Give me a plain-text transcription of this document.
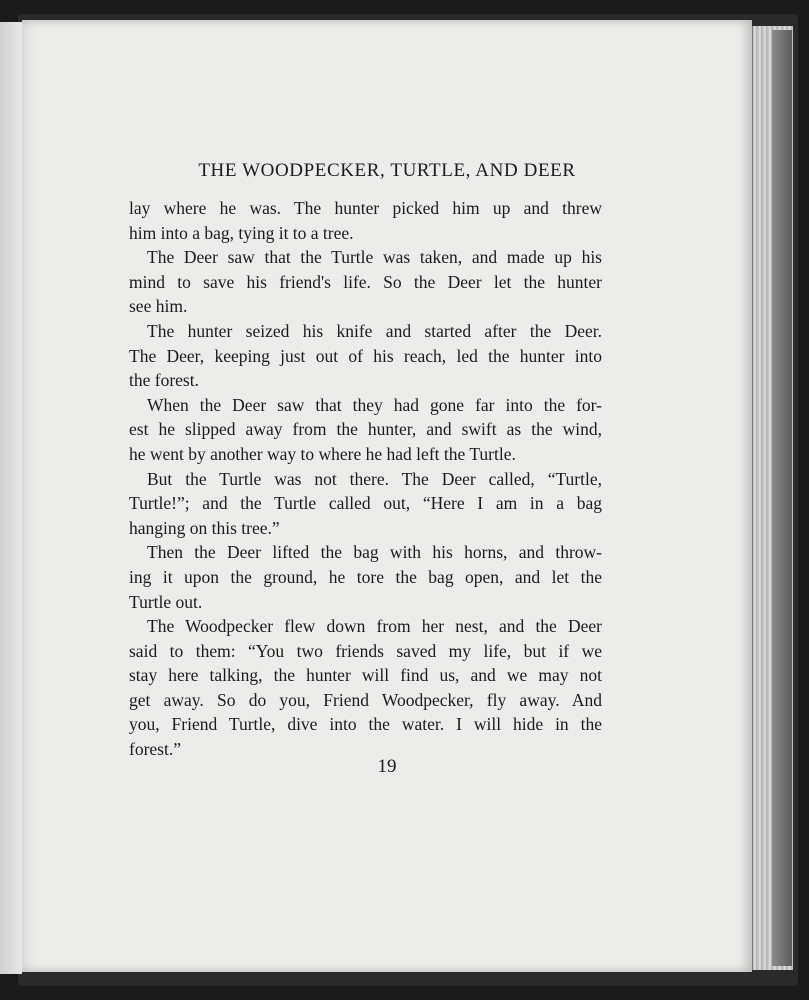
THE WOODPECKER, TURTLE, AND DEER
lay where he was. The hunter picked him up and threw
him into a bag, tying it to a tree.
The Deer saw that the Turtle was taken, and made up his
mind to save his friend's life. So the Deer let the hunter
see him.
The hunter seized his knife and started after the Deer.
The Deer, keeping just out of his reach, led the hunter into
the forest.
When the Deer saw that they had gone far into the for-
est he slipped away from the hunter, and swift as the wind,
he went by another way to where he had left the Turtle.
But the Turtle was not there. The Deer called, “Turtle,
Turtle!”; and the Turtle called out, “Here I am in a bag
hanging on this tree.”
Then the Deer lifted the bag with his horns, and throw-
ing it upon the ground, he tore the bag open, and let the
Turtle out.
The Woodpecker flew down from her nest, and the Deer
said to them: “You two friends saved my life, but if we
stay here talking, the hunter will find us, and we may not
get away. So do you, Friend Woodpecker, fly away. And
you, Friend Turtle, dive into the water. I will hide in the
forest.”
19
